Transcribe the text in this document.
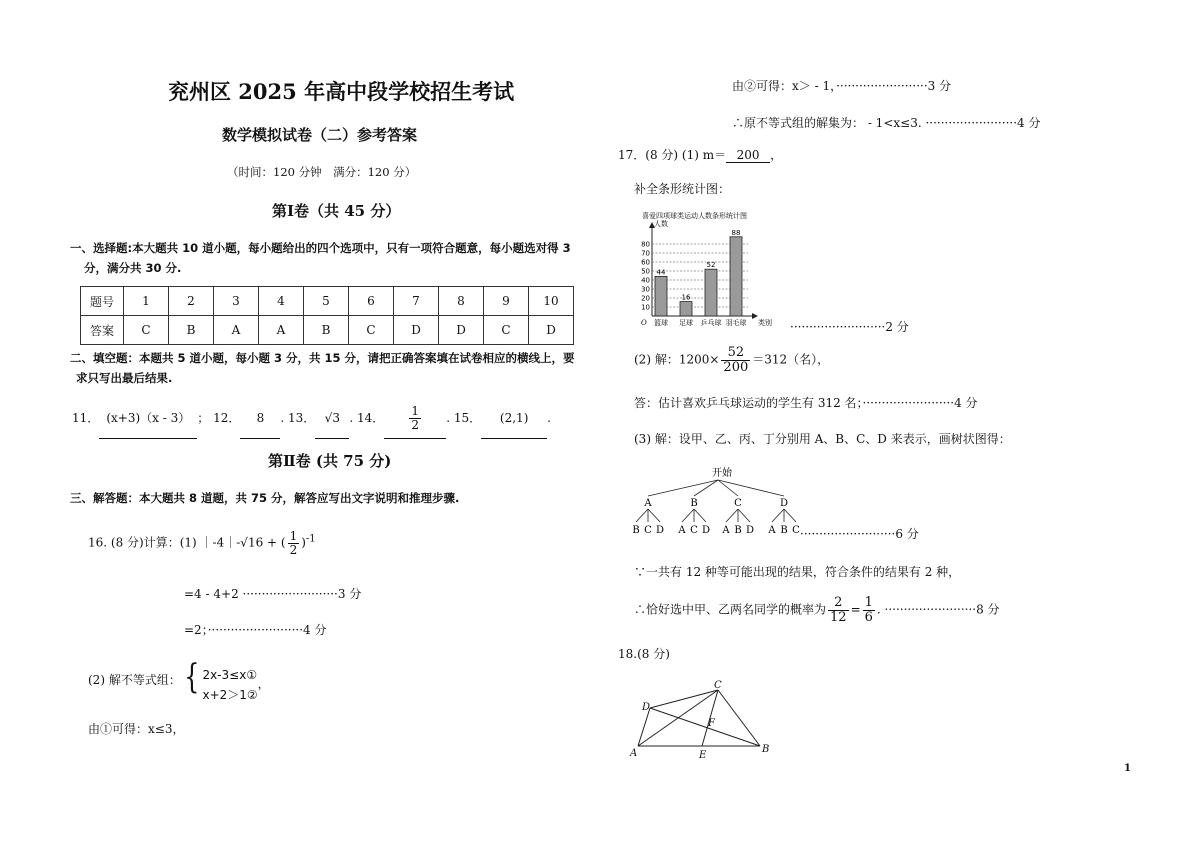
兖州区 2025 年高中段学校招生考试
数学模拟试卷（二）参考答案
（时间：120 分钟　满分：120 分）
第Ⅰ卷（共 45 分）
一、选择题:本大题共 10 道小题，每小题给出的四个选项中，只有一项符合题意，每小题选对得 3
分，满分共 30 分.
题号	1	2	3	4	5	6	7	8	9	10
答案	C	B	A	A	B	C	D	D	C	D
二、填空题：本题共 5 道小题，每小题 3 分，共 15 分，请把正确答案填在试卷相应的横线上，要
求只写出最后结果.
11． (x+3)（x - 3） ； 12． 8 . 13． √3 . 14． $\frac{1}{2}$ . 15． (2,1) .
第Ⅱ卷 (共 75 分)
三、解答题：本大题共 8 道题，共 75 分，解答应写出文字说明和推理步骤.
16. (8 分)计算：(1) ｜-4｜-√16 + ( $\frac{1}{2} )^{-1}$
=4 - 4+2 ·························3 分
=2；·························4 分
(2) 解不等式组：{ 2x-3≤x①
x+2＞1②
，
由①可得：x≤3，
由②可得：x＞ - 1，························3 分
∴原不等式组的解集为： - 1<x≤3. ························4 分
17．(8 分) (1) m＝ 200 ，
补全条形统计图：
喜爱四项球类运动人数条形统计图
人数
类别
O
10
20
30
40
50
60
70
80
44
篮球
16
足球
52
乒乓球
88
羽毛球	·························2 分
(2) 解：$1200\times \frac{52}{200} =312$（名），
答：估计喜欢乒乓球运动的学生有 312 名；························4 分
(3) 解：设甲、乙、丙、丁分别用 A、B、C、D 来表示，画树状图得：
开始
A
B C D
B
A C D
C
A B D
D
A B C ·························6 分
∵一共有 12 种等可能出现的结果，符合条件的结果有 2 种，
∴恰好选中甲、乙两名同学的概率为 $\frac{2}{12} = \frac{1}{6}$ . ························8 分
18.(8 分)
A	B
C
D
E
F
1
